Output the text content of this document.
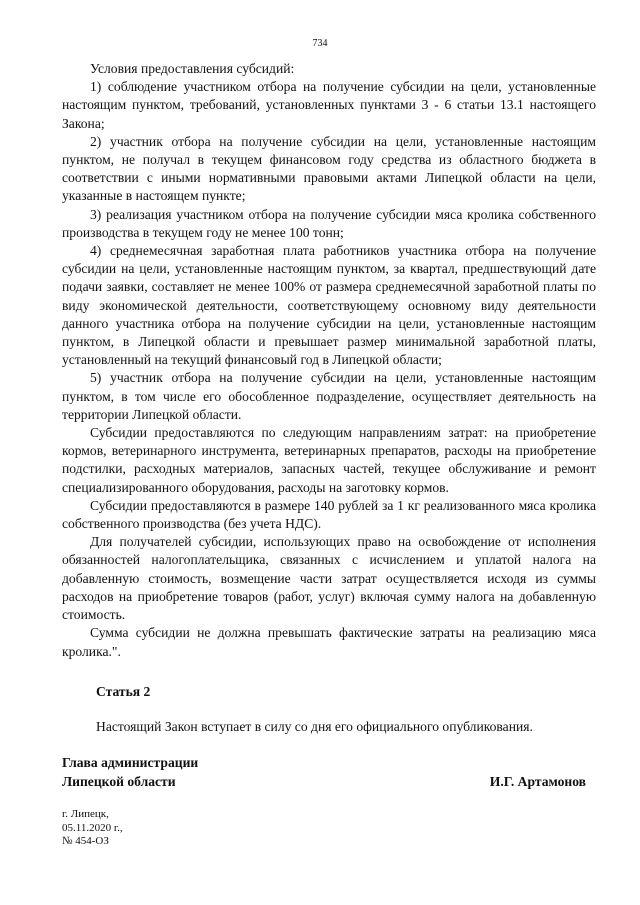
734

Условия предоставления субсидий:

1) соблюдение участником отбора на получение субсидии на цели, установленные настоящим пунктом, требований, установленных пунктами 3 - 6 статьи 13.1 настоящего Закона;

2) участник отбора на получение субсидии на цели, установленные настоящим пунктом, не получал в текущем финансовом году средства из областного бюджета в соответствии с иными нормативными правовыми актами Липецкой области на цели, указанные в настоящем пункте;

3) реализация участником отбора на получение субсидии мяса кролика собственного производства в текущем году не менее 100 тонн;

4) среднемесячная заработная плата работников участника отбора на получение субсидии на цели, установленные настоящим пунктом, за квартал, предшествующий дате подачи заявки, составляет не менее 100% от размера среднемесячной заработной платы по виду экономической деятельности, соответствующему основному виду деятельности данного участника отбора на получение субсидии на цели, установленные настоящим пунктом, в Липецкой области и превышает размер минимальной заработной платы, установленный на текущий финансовый год в Липецкой области;

5) участник отбора на получение субсидии на цели, установленные настоящим пунктом, в том числе его обособленное подразделение, осуществляет деятельность на территории Липецкой области.

Субсидии предоставляются по следующим направлениям затрат: на приобретение кормов, ветеринарного инструмента, ветеринарных препаратов, расходы на приобретение подстилки, расходных материалов, запасных частей, текущее обслуживание и ремонт специализированного оборудования, расходы на заготовку кормов.

Субсидии предоставляются в размере 140 рублей за 1 кг реализованного мяса кролика собственного производства (без учета НДС).

Для получателей субсидии, использующих право на освобождение от исполнения обязанностей налогоплательщика, связанных с исчислением и уплатой налога на добавленную стоимость, возмещение части затрат осуществляется исходя из суммы расходов на приобретение товаров (работ, услуг) включая сумму налога на добавленную стоимость.

Сумма субсидии не должна превышать фактические затраты на реализацию мяса кролика.".

Статья 2
Настоящий Закон вступает в силу со дня его официального опубликования.
Глава администрации
Липецкой области	И.Г. Артамонов
г. Липецк,
05.11.2020 г.,
№ 454-ОЗ
